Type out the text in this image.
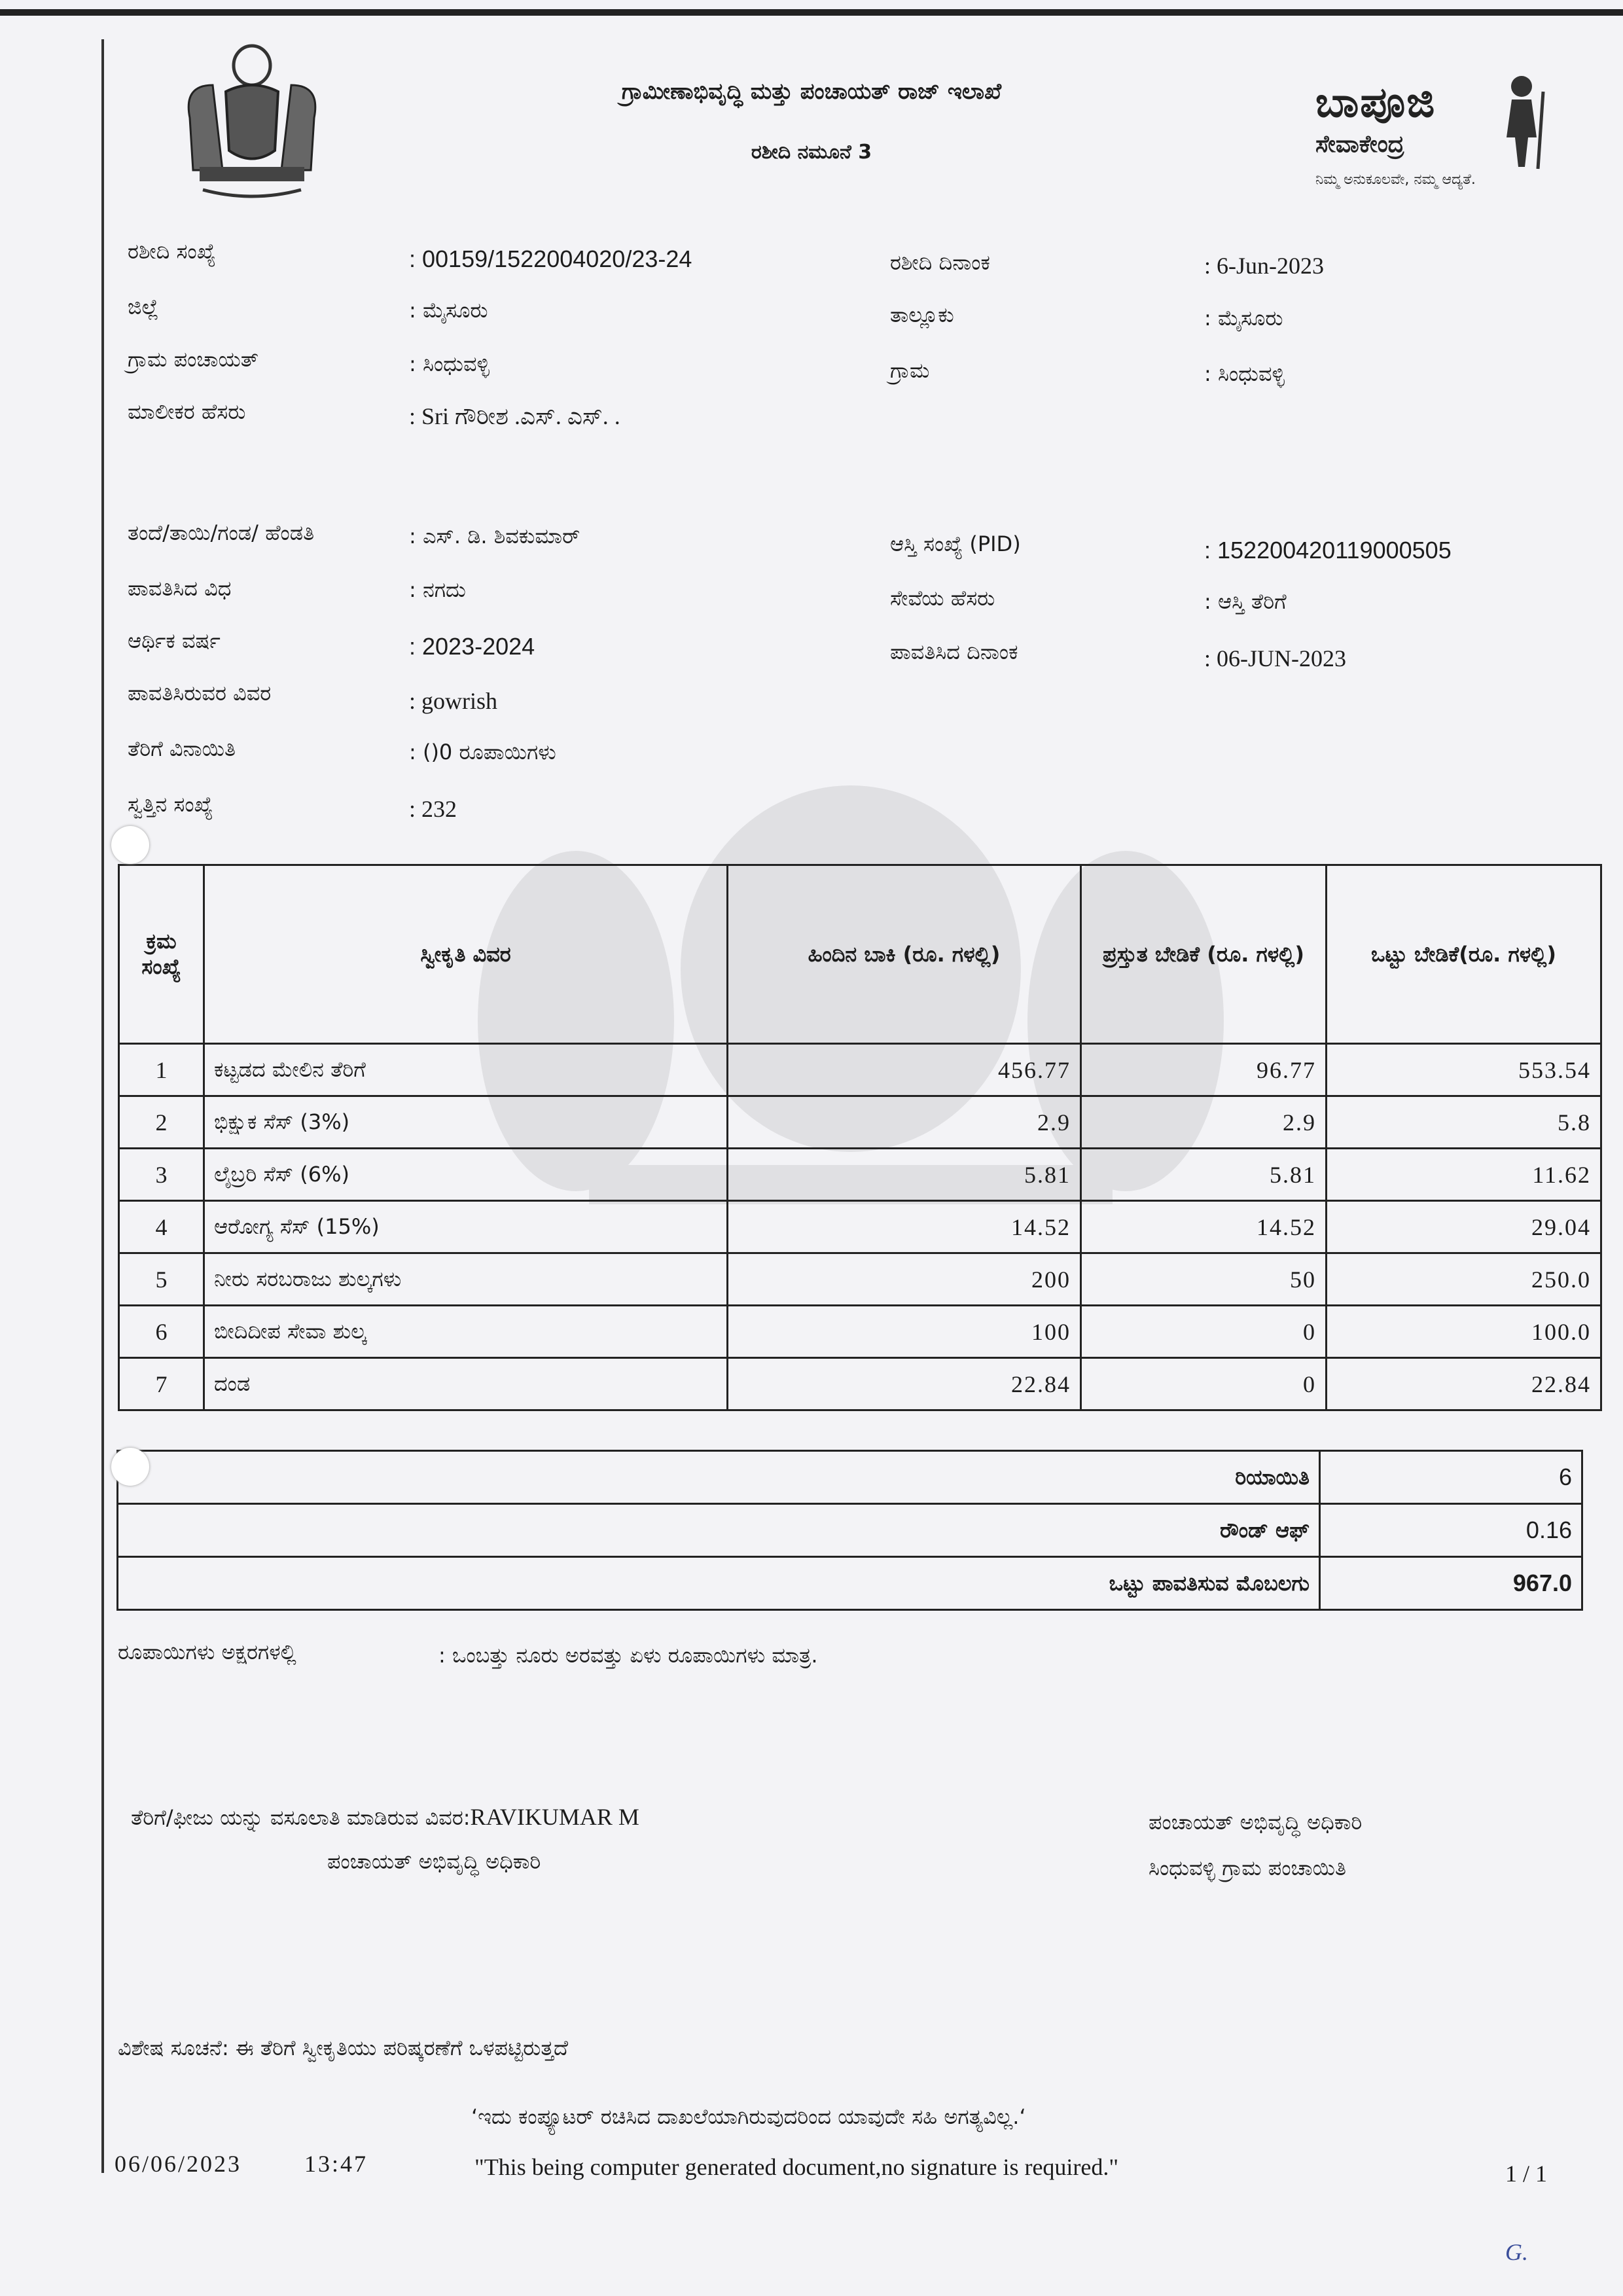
ಗ್ರಾಮೀಣಾಭಿವೃದ್ಧಿ ಮತ್ತು ಪಂಚಾಯತ್ ರಾಜ್ ಇಲಾಖೆ
ರಶೀದಿ ನಮೂನೆ 3
ಬಾಪೂಜಿ
ಸೇವಾಕೇಂದ್ರ
ನಿಮ್ಮ ಅನುಕೂಲವೇ, ನಮ್ಮ ಆದ್ಯತೆ.
ರಶೀದಿ ಸಂಖ್ಯೆ	: 00159/1522004020/23-24	ರಶೀದಿ ದಿನಾಂಕ	: 6-Jun-2023
ಜಿಲ್ಲೆ	: ಮೈಸೂರು	ತಾಲ್ಲೂಕು	: ಮೈಸೂರು
ಗ್ರಾಮ ಪಂಚಾಯತ್	: ಸಿಂಧುವಳ್ಳಿ	ಗ್ರಾಮ	: ಸಿಂಧುವಳ್ಳಿ
ಮಾಲೀಕರ ಹೆಸರು	: Sri ಗೌರೀಶ .ಎಸ್. ಎಸ್. .
ತಂದೆ/ತಾಯಿ/ಗಂಡ/ ಹೆಂಡತಿ	: ಎಸ್. ಡಿ. ಶಿವಕುಮಾರ್	ಆಸ್ತಿ ಸಂಖ್ಯೆ (PID)	: 152200420119000505
ಪಾವತಿಸಿದ ವಿಧ	: ನಗದು	ಸೇವೆಯ ಹೆಸರು	: ಆಸ್ತಿ ತೆರಿಗೆ
ಆರ್ಥಿಕ ವರ್ಷ	: 2023-2024	ಪಾವತಿಸಿದ ದಿನಾಂಕ	: 06-JUN-2023
ಪಾವತಿಸಿರುವರ ವಿವರ	: gowrish
ತೆರಿಗೆ ವಿನಾಯಿತಿ	: ()0 ರೂಪಾಯಿಗಳು
ಸ್ವತ್ತಿನ ಸಂಖ್ಯೆ	: 232
ಕ್ರಮ ಸಂಖ್ಯೆ	ಸ್ವೀಕೃತಿ ವಿವರ	ಹಿಂದಿನ ಬಾಕಿ (ರೂ. ಗಳಲ್ಲಿ)	ಪ್ರಸ್ತುತ ಬೇಡಿಕೆ (ರೂ. ಗಳಲ್ಲಿ)	ಒಟ್ಟು ಬೇಡಿಕೆ(ರೂ. ಗಳಲ್ಲಿ)
1	ಕಟ್ಟಡದ ಮೇಲಿನ ತೆರಿಗೆ	456.77	96.77	553.54
2	ಭಿಕ್ಷುಕ ಸೆಸ್ (3%)	2.9	2.9	5.8
3	ಲೈಬ್ರರಿ ಸೆಸ್ (6%)	5.81	5.81	11.62
4	ಆರೋಗ್ಯ ಸೆಸ್ (15%)	14.52	14.52	29.04
5	ನೀರು ಸರಬರಾಜು ಶುಲ್ಕಗಳು	200	50	250.0
6	ಬೀದಿದೀಪ ಸೇವಾ ಶುಲ್ಕ	100	0	100.0
7	ದಂಡ	22.84	0	22.84
ರಿಯಾಯಿತಿ	6
ರೌಂಡ್ ಆಫ್	0.16
ಒಟ್ಟು ಪಾವತಿಸುವ ಮೊಬಲಗು	967.0
ರೂಪಾಯಿಗಳು ಅಕ್ಷರಗಳಲ್ಲಿ	: ಒಂಬತ್ತು ನೂರು ಅರವತ್ತು ಏಳು ರೂಪಾಯಿಗಳು ಮಾತ್ರ.
ತೆರಿಗೆ/ಫೀಜು ಯನ್ನು ವಸೂಲಾತಿ ಮಾಡಿರುವ ವಿವರ:RAVIKUMAR M
ಪಂಚಾಯತ್ ಅಭಿವೃದ್ಧಿ ಅಧಿಕಾರಿ
ಪಂಚಾಯತ್ ಅಭಿವೃದ್ಧಿ ಅಧಿಕಾರಿ
ಸಿಂಧುವಳ್ಳಿ ಗ್ರಾಮ ಪಂಚಾಯಿತಿ
ವಿಶೇಷ ಸೂಚನೆ: ಈ ತೆರಿಗೆ ಸ್ವೀಕೃತಿಯು ಪರಿಷ್ಕರಣೆಗೆ ಒಳಪಟ್ಟಿರುತ್ತದೆ
‘ಇದು ಕಂಪ್ಯೂಟರ್ ರಚಿಸಿದ ದಾಖಲೆಯಾಗಿರುವುದರಿಂದ ಯಾವುದೇ ಸಹಿ ಅಗತ್ಯವಿಲ್ಲ.‘
"This being computer generated document,no signature is required."
06/06/2023	13:47	1 / 1
G.
